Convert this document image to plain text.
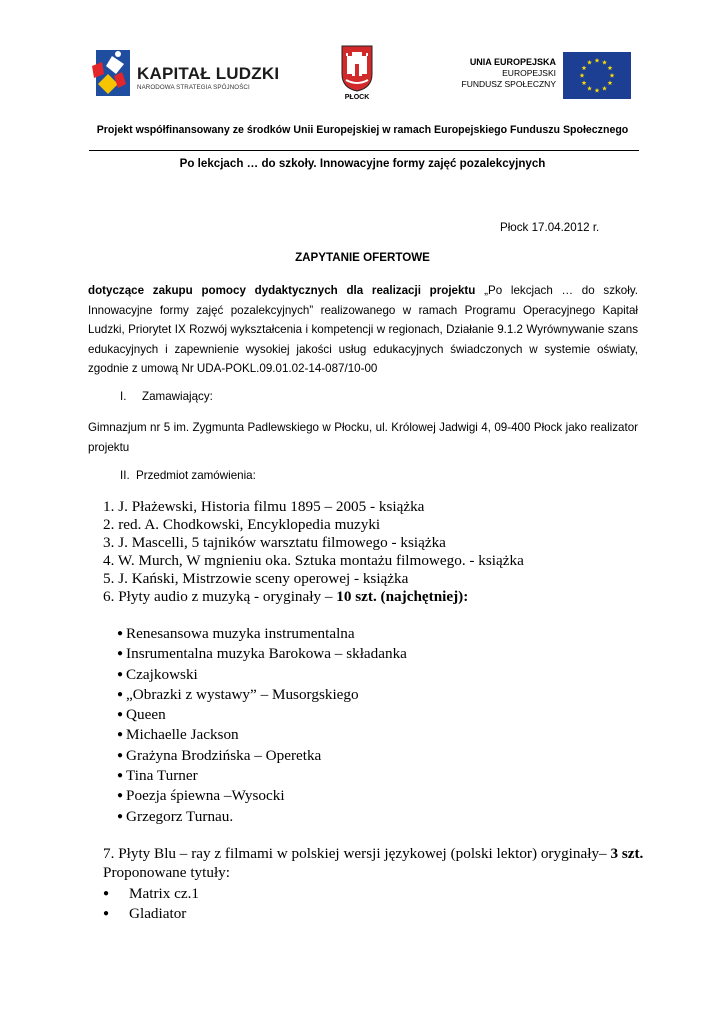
KAPITAŁ LUDZKI
NARODOWA STRATEGIA SPÓJNOŚCI
PŁOCK
UNIA EUROPEJSKA
EUROPEJSKI
FUNDUSZ SPOŁECZNY
Projekt współfinansowany ze środków Unii Europejskiej w ramach Europejskiego Funduszu Społecznego
Po lekcjach … do szkoły. Innowacyjne formy zajęć pozalekcyjnych
Płock 17.04.2012 r.
ZAPYTANIE OFERTOWE
dotyczące zakupu pomocy dydaktycznych dla realizacji projektu „Po lekcjach … do szkoły. Innowacyjne formy zajęć pozalekcyjnych” realizowanego w ramach Programu Operacyjnego Kapitał Ludzki, Priorytet IX Rozwój wykształcenia i kompetencji w regionach, Działanie 9.1.2 Wyrównywanie szans edukacyjnych i zapewnienie wysokiej jakości usług edukacyjnych świadczonych w systemie oświaty, zgodnie z umową Nr UDA-POKL.09.01.02-14-087/10-00
I. Zamawiający:
Gimnazjum nr 5 im. Zygmunta Padlewskiego w Płocku, ul. Królowej Jadwigi 4, 09-400 Płock jako realizator projektu
II. Przedmiot zamówienia:
1. J. Płażewski, Historia filmu 1895 – 2005 - książka
2. red. A. Chodkowski, Encyklopedia muzyki
3. J. Mascelli, 5 tajników warsztatu filmowego - książka
4. W. Murch, W mgnieniu oka. Sztuka montażu filmowego. - książka
5. J. Kański, Mistrzowie sceny operowej - książka
6. Płyty audio z muzyką - oryginały – 10 szt. (najchętniej):
● Renesansowa muzyka instrumentalna
● Insrumentalna muzyka Barokowa – składanka
● Czajkowski
● „Obrazki z wystawy” – Musorgskiego
● Queen
● Michaelle Jackson
● Grażyna Brodzińska – Operetka
● Tina Turner
● Poezja śpiewna –Wysocki
● Grzegorz Turnau.
7. Płyty Blu – ray z filmami w polskiej wersji językowej (polski lektor) oryginały– 3 szt.
Proponowane tytuły:
● Matrix cz.1
● Gladiator
